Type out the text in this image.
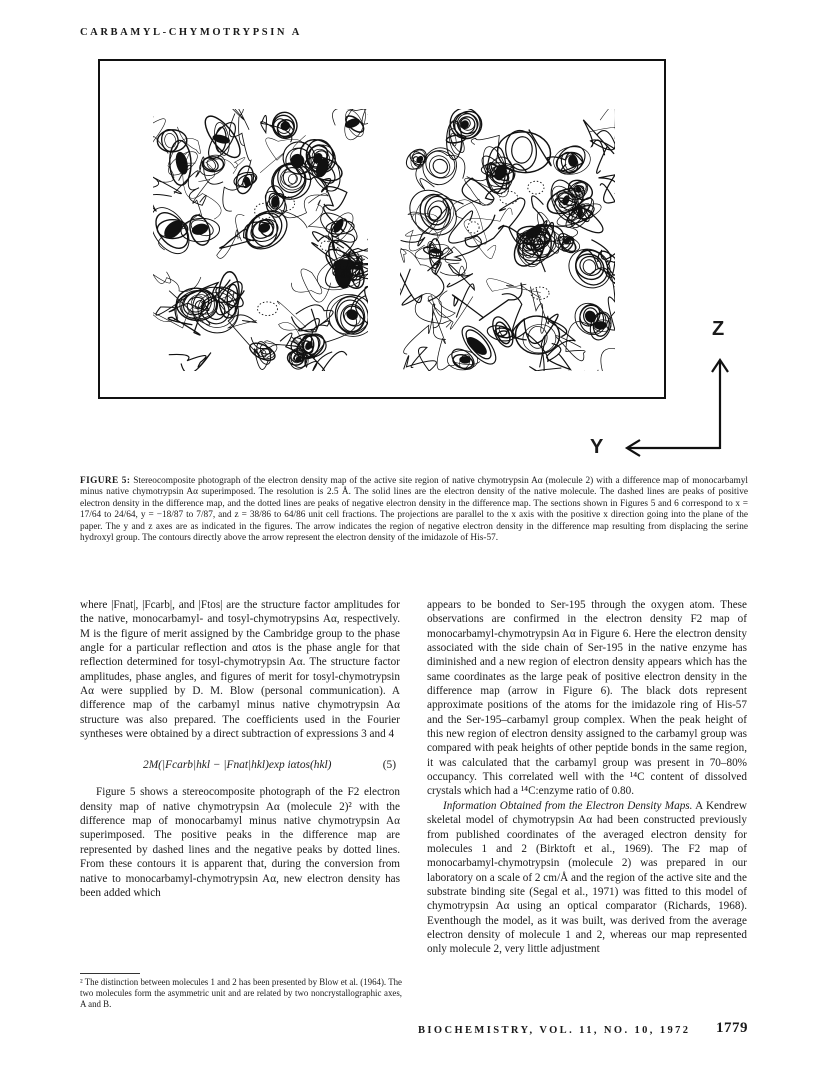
CARBAMYL-CHYMOTRYPSIN A
Z
Y
FIGURE 5: Stereocomposite photograph of the electron density map of the active site region of native chymotrypsin Aα (molecule 2) with a difference map of monocarbamyl minus native chymotrypsin Aα superimposed. The resolution is 2.5 Å. The solid lines are the electron density of the native molecule. The dashed lines are peaks of positive electron density in the difference map, and the dotted lines are peaks of negative electron density in the difference map. The sections shown in Figures 5 and 6 correspond to x = 17/64 to 24/64, y = −18/87 to 7/87, and z = 38/86 to 64/86 unit cell fractions. The projections are parallel to the x axis with the positive x direction going into the plane of the paper. The y and z axes are as indicated in the figures. The arrow indicates the region of negative electron density in the difference map resulting from displacing the serine hydroxyl group. The contours directly above the arrow represent the electron density of the imidazole of His-57.

where |Fnat|, |Fcarb|, and |Ftos| are the structure factor amplitudes for the native, monocarbamyl- and tosyl-chymotrypsins Aα, respectively. M is the figure of merit assigned by the Cambridge group to the phase angle for a particular reflection and αtos is the phase angle for that reflection determined for tosyl-chymotrypsin Aα. The structure factor amplitudes, phase angles, and figures of merit for tosyl-chymotrypsin Aα were supplied by D. M. Blow (personal communication). A difference map of the carbamyl minus native chymotrypsin Aα structure was also prepared. The coefficients used in the Fourier syntheses were obtained by a direct subtraction of expressions 3 and 4

2M(|Fcarb|hkl − |Fnat|hkl)exp iαtos(hkl)	(5)

Figure 5 shows a stereocomposite photograph of the F2 electron density map of native chymotrypsin Aα (molecule 2)² with the difference map of monocarbamyl minus native chymotrypsin Aα superimposed. The positive peaks in the difference map are represented by dashed lines and the negative peaks by dotted lines. From these contours it is apparent that, during the conversion from native to monocarbamyl-chymotrypsin Aα, new electron density has been added which

appears to be bonded to Ser-195 through the oxygen atom. These observations are confirmed in the electron density F2 map of monocarbamyl-chymotrypsin Aα in Figure 6. Here the electron density associated with the side chain of Ser-195 in the native enzyme has diminished and a new region of electron density appears which has the same coordinates as the large peak of positive electron density in the difference map (arrow in Figure 6). The black dots represent approximate positions of the atoms for the imidazole ring of His-57 and the Ser-195–carbamyl group complex. When the peak height of this new region of electron density assigned to the carbamyl group was compared with peak heights of other peptide bonds in the same region, it was calculated that the carbamyl group was present in 70–80% occupancy. This correlated well with the ¹⁴C content of dissolved crystals which had a ¹⁴C:enzyme ratio of 0.80.

Information Obtained from the Electron Density Maps. A Kendrew skeletal model of chymotrypsin Aα had been constructed previously from published coordinates of the averaged electron density for molecules 1 and 2 (Birktoft et al., 1969). The F2 map of monocarbamyl-chymotrypsin (molecule 2) was prepared in our laboratory on a scale of 2 cm/Å and the region of the active site and the substrate binding site (Segal et al., 1971) was fitted to this model of chymotrypsin Aα using an optical comparator (Richards, 1968). Eventhough the model, as it was built, was derived from the average electron density of molecule 1 and 2, whereas our map represented only molecule 2, very little adjustment

² The distinction between molecules 1 and 2 has been presented by Blow et al. (1964). The two molecules form the asymmetric unit and are related by two noncrystallographic axes, A and B.
BIOCHEMISTRY, VOL. 11, NO. 10, 1972 1779
